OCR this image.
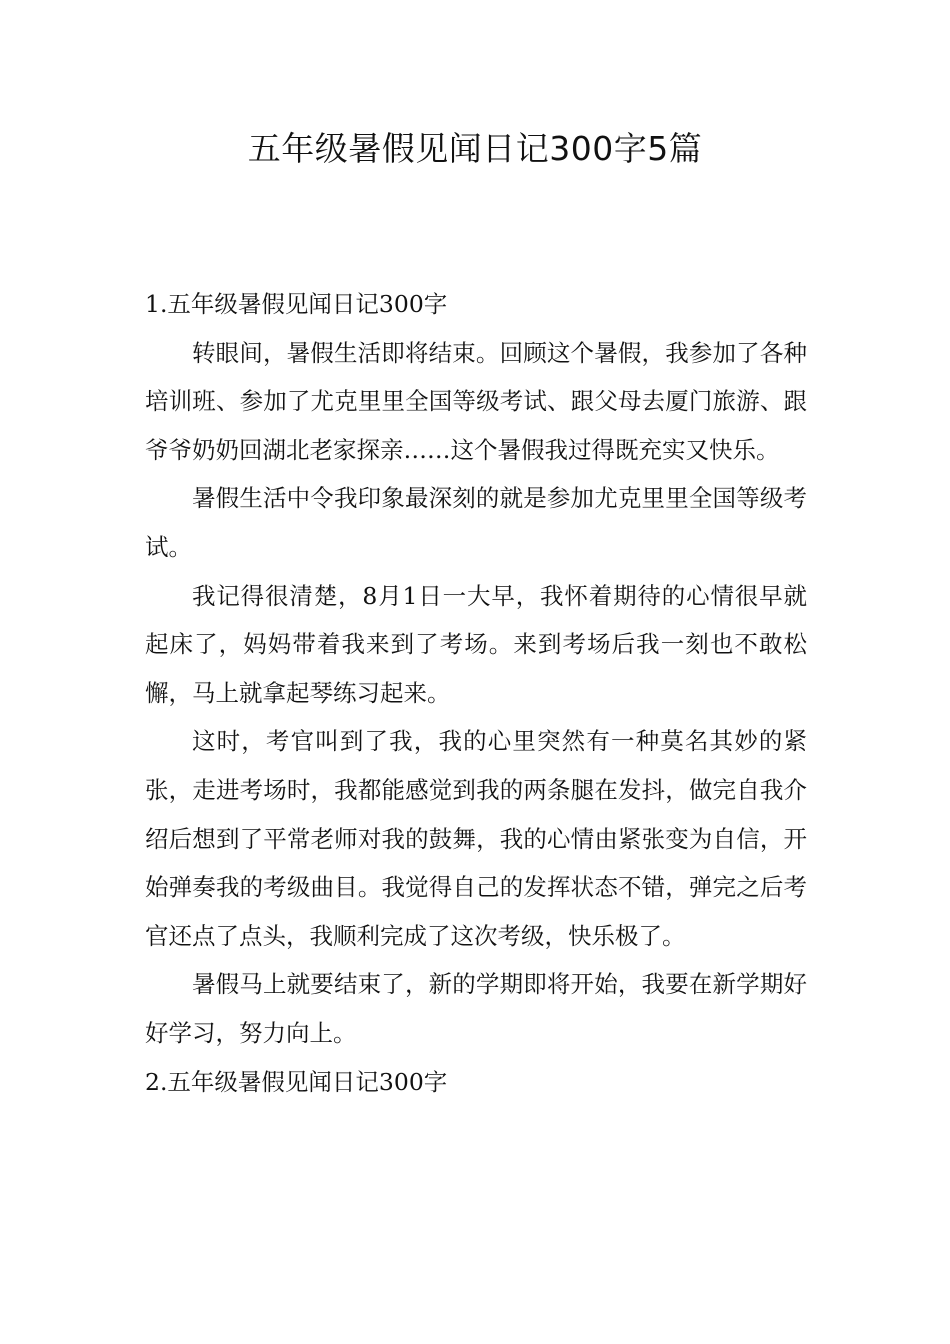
五年级暑假见闻日记300字5篇

1.五年级暑假见闻日记300字

转眼间，暑假生活即将结束。回顾这个暑假，我参加了各种培训班、参加了尤克里里全国等级考试、跟父母去厦门旅游、跟爷爷奶奶回湖北老家探亲……这个暑假我过得既充实又快乐。

暑假生活中令我印象最深刻的就是参加尤克里里全国等级考试。

我记得很清楚，8月1日一大早，我怀着期待的心情很早就起床了，妈妈带着我来到了考场。来到考场后我一刻也不敢松懈，马上就拿起琴练习起来。

这时，考官叫到了我，我的心里突然有一种莫名其妙的紧张，走进考场时，我都能感觉到我的两条腿在发抖，做完自我介绍后想到了平常老师对我的鼓舞，我的心情由紧张变为自信，开始弹奏我的考级曲目。我觉得自己的发挥状态不错，弹完之后考官还点了点头，我顺利完成了这次考级，快乐极了。

暑假马上就要结束了，新的学期即将开始，我要在新学期好好学习，努力向上。

2.五年级暑假见闻日记300字
